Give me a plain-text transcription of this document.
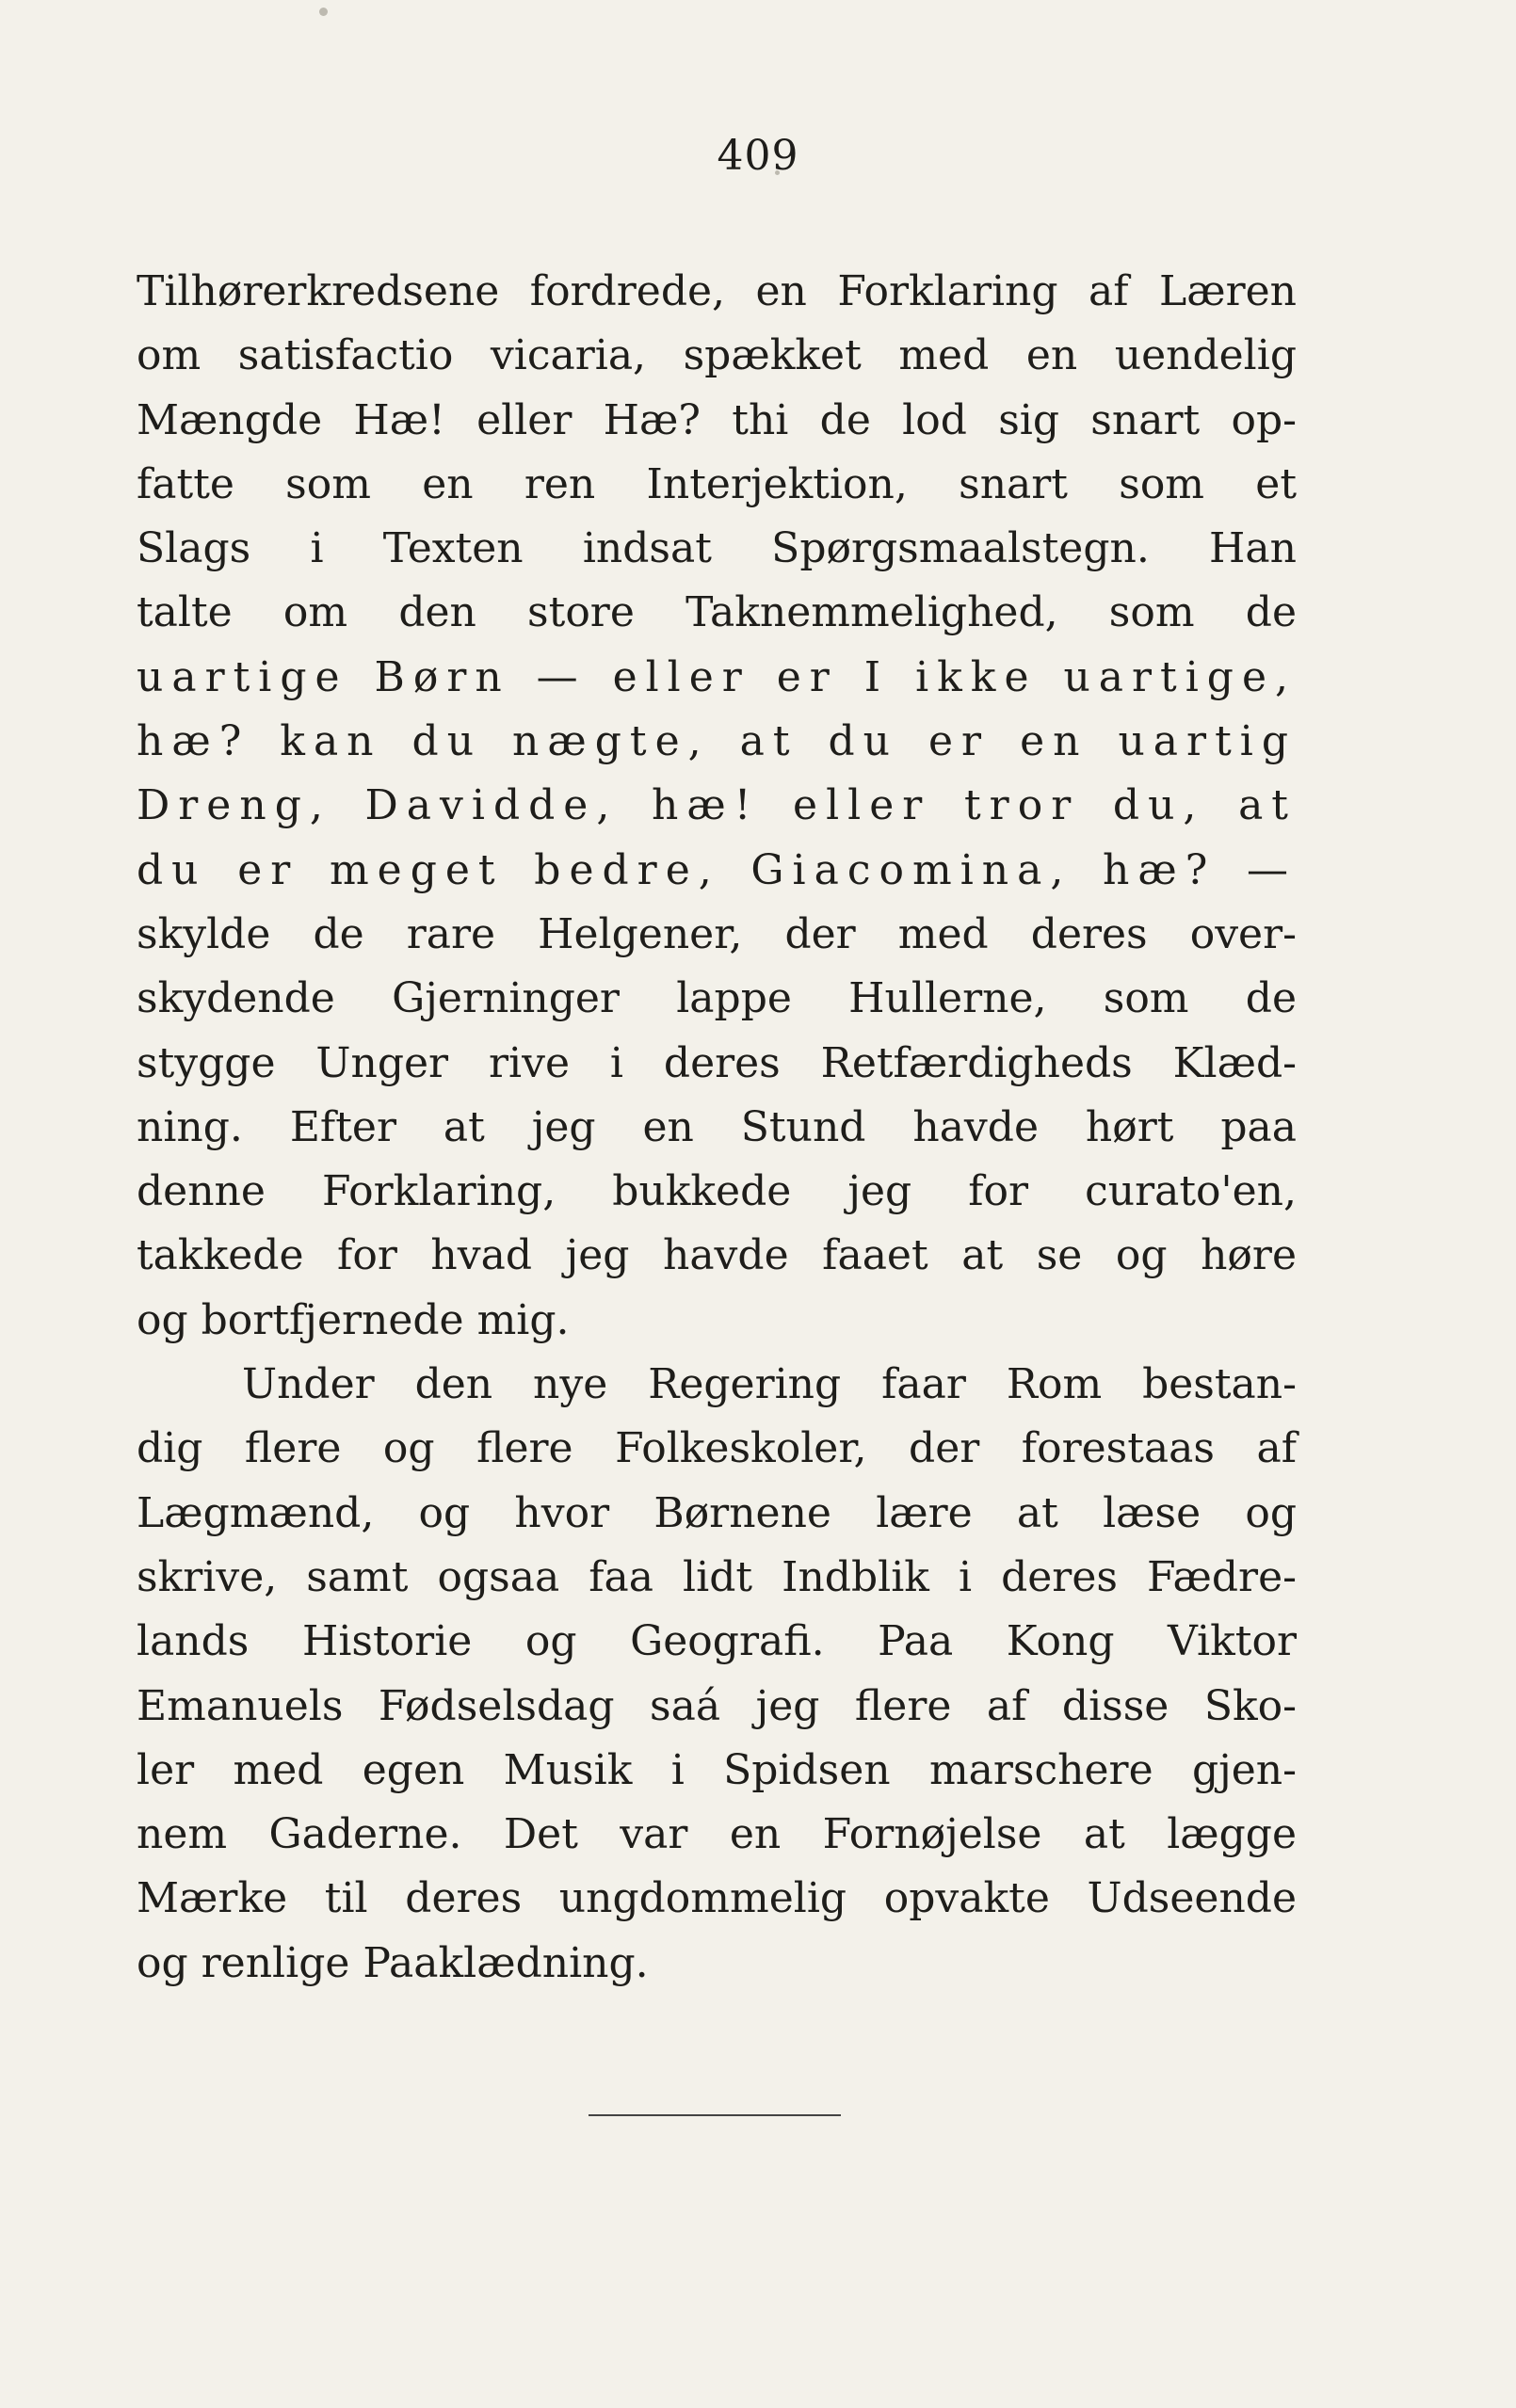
409
Tilhørerkredsene fordrede, en Forklaring af Læren
om satisfactio vicaria, spækket med en uendelig
Mængde Hæ! eller Hæ? thi de lod sig snart op-
fatte som en ren Interjektion, snart som et
Slags i Texten indsat Spørgsmaalstegn. Han
talte om den store Taknemmelighed, som de
uartige Børn — eller er I ikke uartige,
hæ? kan du nægte, at du er en uartig
Dreng, Davidde, hæ! eller tror du, at
du er meget bedre, Giacomina, hæ? —
skylde de rare Helgener, der med deres over-
skydende Gjerninger lappe Hullerne, som de
stygge Unger rive i deres Retfærdigheds Klæd-
ning. Efter at jeg en Stund havde hørt paa
denne Forklaring, bukkede jeg for curato'en,
takkede for hvad jeg havde faaet at se og høre
og bortfjernede mig.
Under den nye Regering faar Rom bestan-
dig flere og flere Folkeskoler, der forestaas af
Lægmænd, og hvor Børnene lære at læse og
skrive, samt ogsaa faa lidt Indblik i deres Fædre-
lands Historie og Geografi. Paa Kong Viktor
Emanuels Fødselsdag saá jeg flere af disse Sko-
ler med egen Musik i Spidsen marschere gjen-
nem Gaderne. Det var en Fornøjelse at lægge
Mærke til deres ungdommelig opvakte Udseende
og renlige Paaklædning.
